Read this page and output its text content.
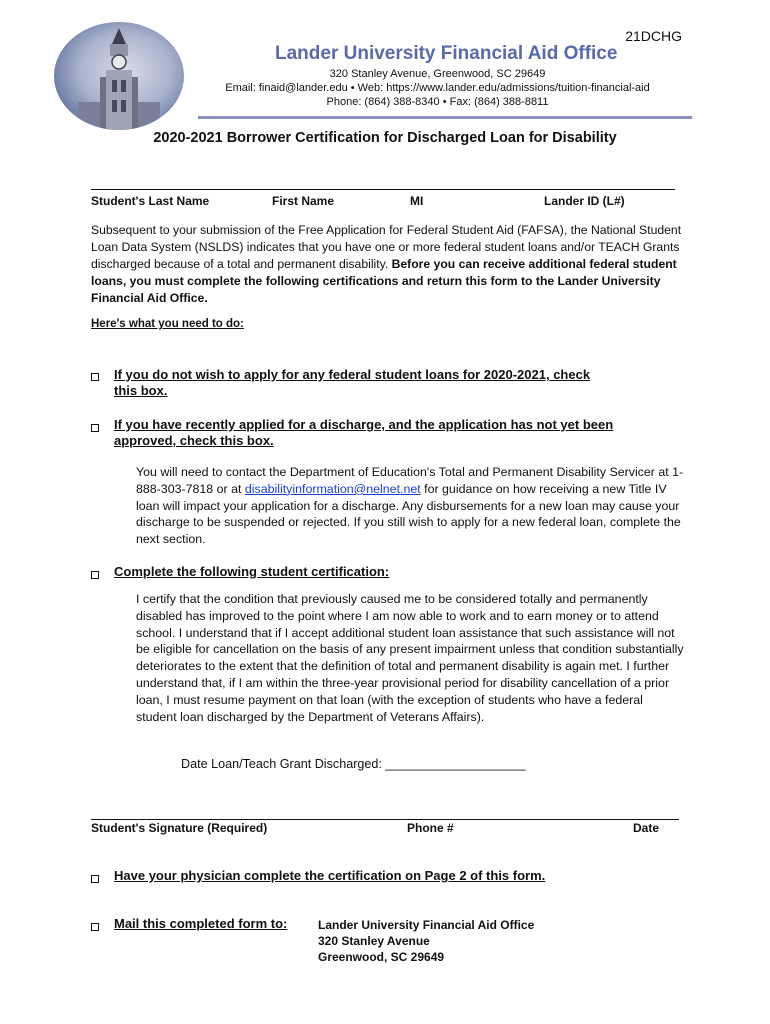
21DCHG
Lander University Financial Aid Office
320 Stanley Avenue, Greenwood, SC 29649
Email: finaid@lander.edu • Web: https://www.lander.edu/admissions/tuition-financial-aid
Phone: (864) 388-8340 • Fax: (864) 388-8811
2020-2021 Borrower Certification for Discharged Loan for Disability
Student's Last Name	First Name	MI	Lander ID (L#)
Subsequent to your submission of the Free Application for Federal Student Aid (FAFSA), the National Student Loan Data System (NSLDS) indicates that you have one or more federal student loans and/or TEACH Grants discharged because of a total and permanent disability. Before you can receive additional federal student loans, you must complete the following certifications and return this form to the Lander University Financial Aid Office.
Here's what you need to do:
If you do not wish to apply for any federal student loans for 2020-2021, check this box.
If you have recently applied for a discharge, and the application has not yet been approved, check this box.
You will need to contact the Department of Education's Total and Permanent Disability Servicer at 1-888-303-7818 or at disabilityinformation@nelnet.net for guidance on how receiving a new Title IV loan will impact your application for a discharge. Any disbursements for a new loan may cause your discharge to be suspended or rejected. If you still wish to apply for a new federal loan, complete the next section.
Complete the following student certification:
I certify that the condition that previously caused me to be considered totally and permanently disabled has improved to the point where I am now able to work and to earn money or to attend school. I understand that if I accept additional student loan assistance that such assistance will not be eligible for cancellation on the basis of any present impairment unless that condition substantially deteriorates to the extent that the definition of total and permanent disability is again met. I further understand that, if I am within the three-year provisional period for disability cancellation of a prior loan, I must resume payment on that loan (with the exception of students who have a federal student loan discharged by the Department of Veterans Affairs).
Date Loan/Teach Grant Discharged: ____________________
Student's Signature (Required)	Phone #	Date
Have your physician complete the certification on Page 2 of this form.
Mail this completed form to:	Lander University Financial Aid Office
320 Stanley Avenue
Greenwood, SC 29649
